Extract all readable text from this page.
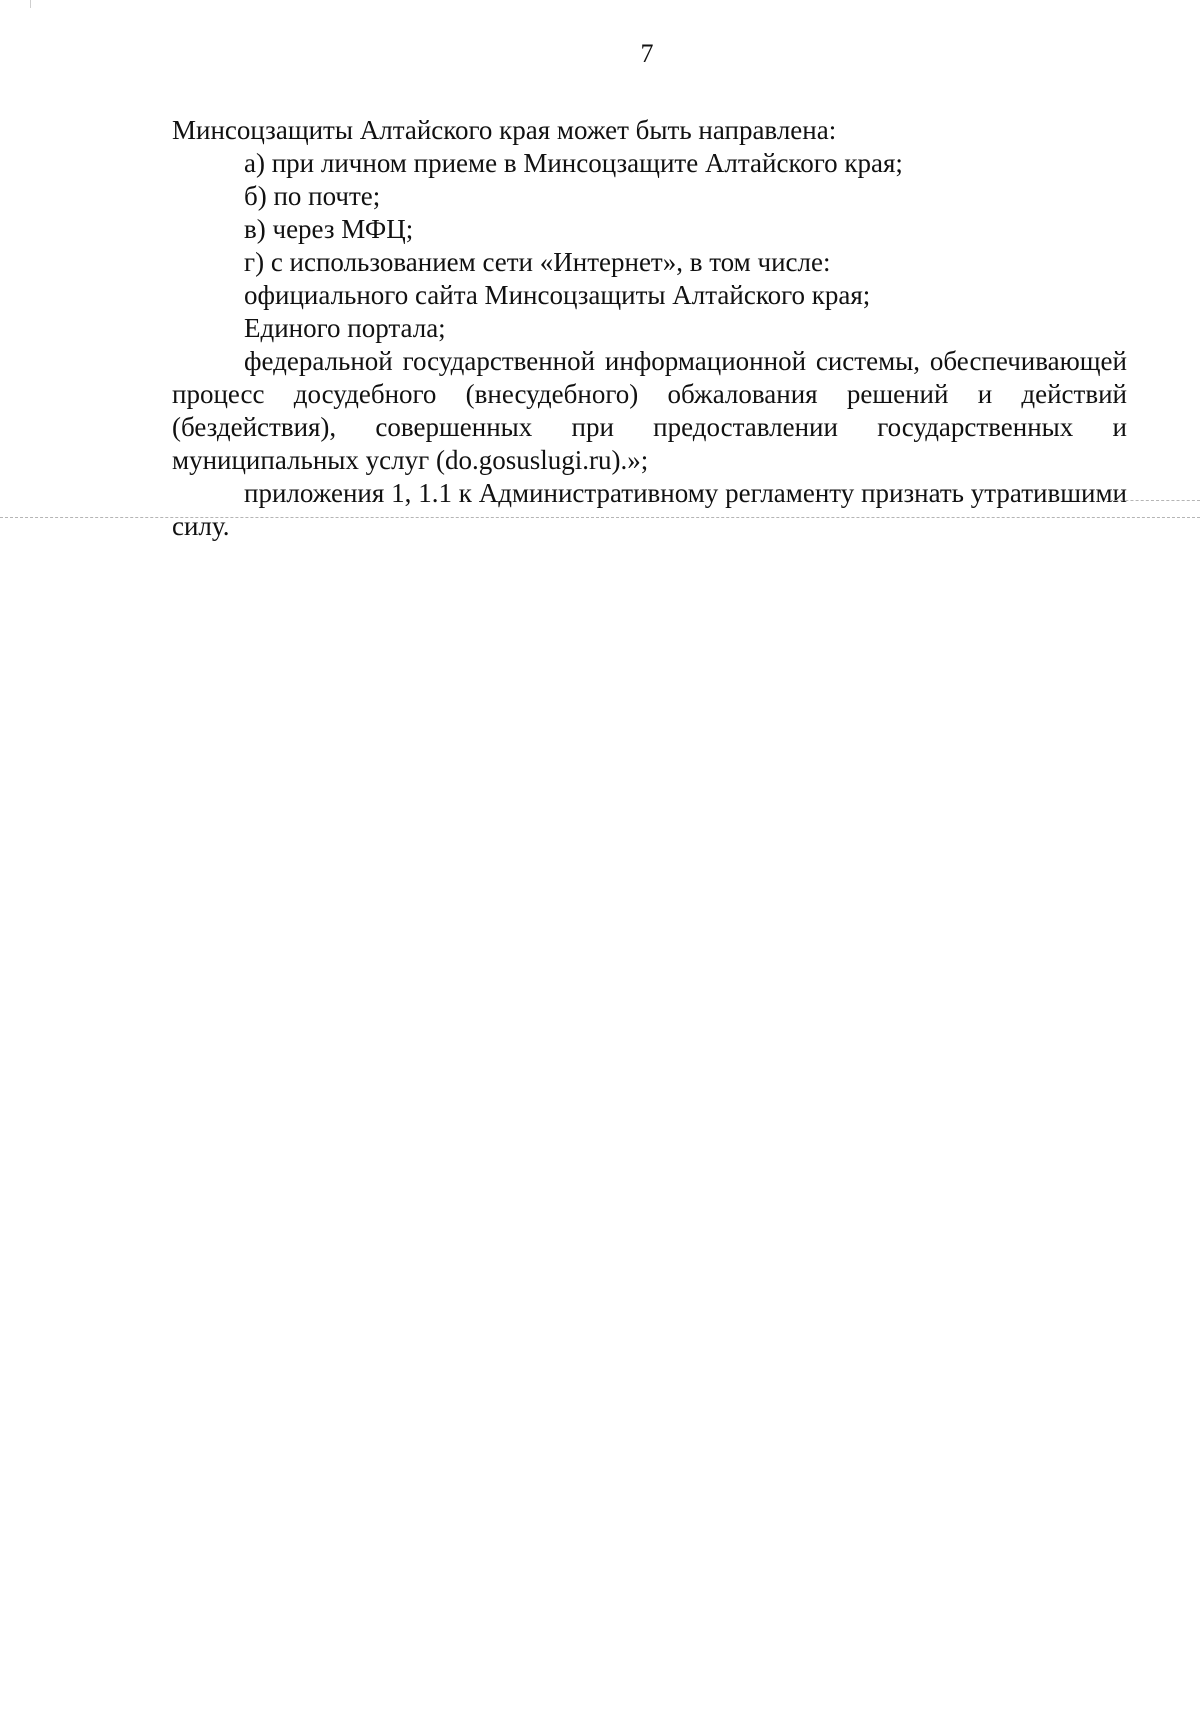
7

Минсоцзащиты Алтайского края может быть направлена:

а) при личном приеме в Минсоцзащите Алтайского края;

б) по почте;

в) через МФЦ;

г) с использованием сети «Интернет», в том числе:

официального сайта Минсоцзащиты Алтайского края;

Единого портала;

федеральной государственной информационной системы, обеспечивающей процесс досудебного (внесудебного) обжалования решений и действий (бездействия), совершенных при предоставлении государственных и муниципальных услуг (do.gosuslugi.ru).»;

приложения 1, 1.1 к Административному регламенту признать утратившими силу.
